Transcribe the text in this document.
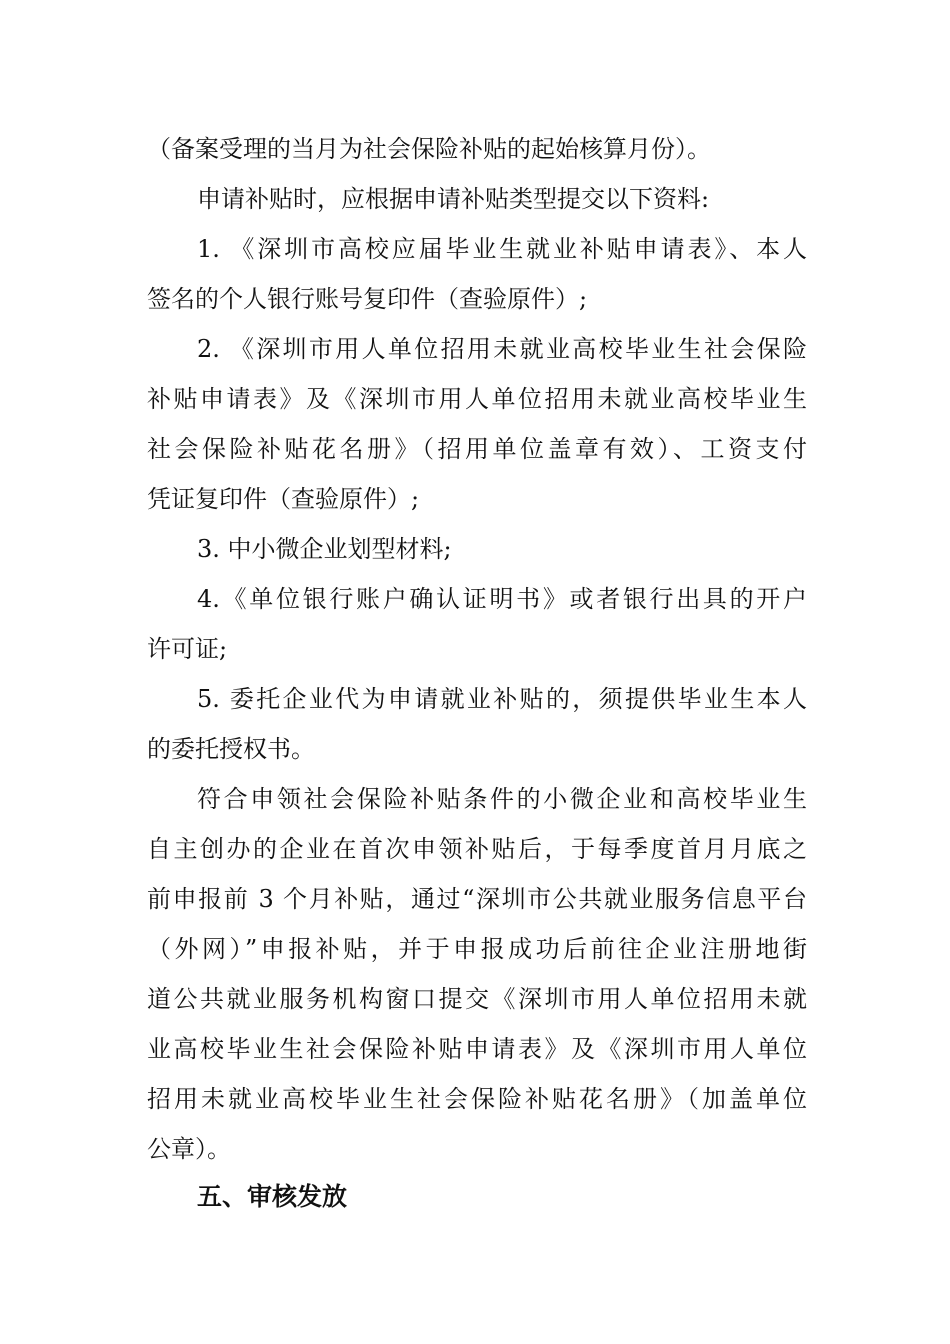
（备案受理的当月为社会保险补贴的起始核算月份）。
申请补贴时，应根据申请补贴类型提交以下资料:
1. 《深圳市高校应届毕业生就业补贴申请表》、本人
签名的个人银行账号复印件（查验原件）;
2. 《深圳市用人单位招用未就业高校毕业生社会保险
补贴申请表》及《深圳市用人单位招用未就业高校毕业生
社会保险补贴花名册》（招用单位盖章有效）、工资支付
凭证复印件（查验原件）;
3. 中小微企业划型材料;
4.《单位银行账户确认证明书》或者银行出具的开户
许可证;
5. 委托企业代为申请就业补贴的，须提供毕业生本人
的委托授权书。
符合申领社会保险补贴条件的小微企业和高校毕业生
自主创办的企业在首次申领补贴后，于每季度首月月底之
前申报前 3 个月补贴，通过“深圳市公共就业服务信息平台
（外网）”申报补贴，并于申报成功后前往企业注册地街
道公共就业服务机构窗口提交《深圳市用人单位招用未就
业高校毕业生社会保险补贴申请表》及《深圳市用人单位
招用未就业高校毕业生社会保险补贴花名册》（加盖单位
公章）。
五、审核发放
